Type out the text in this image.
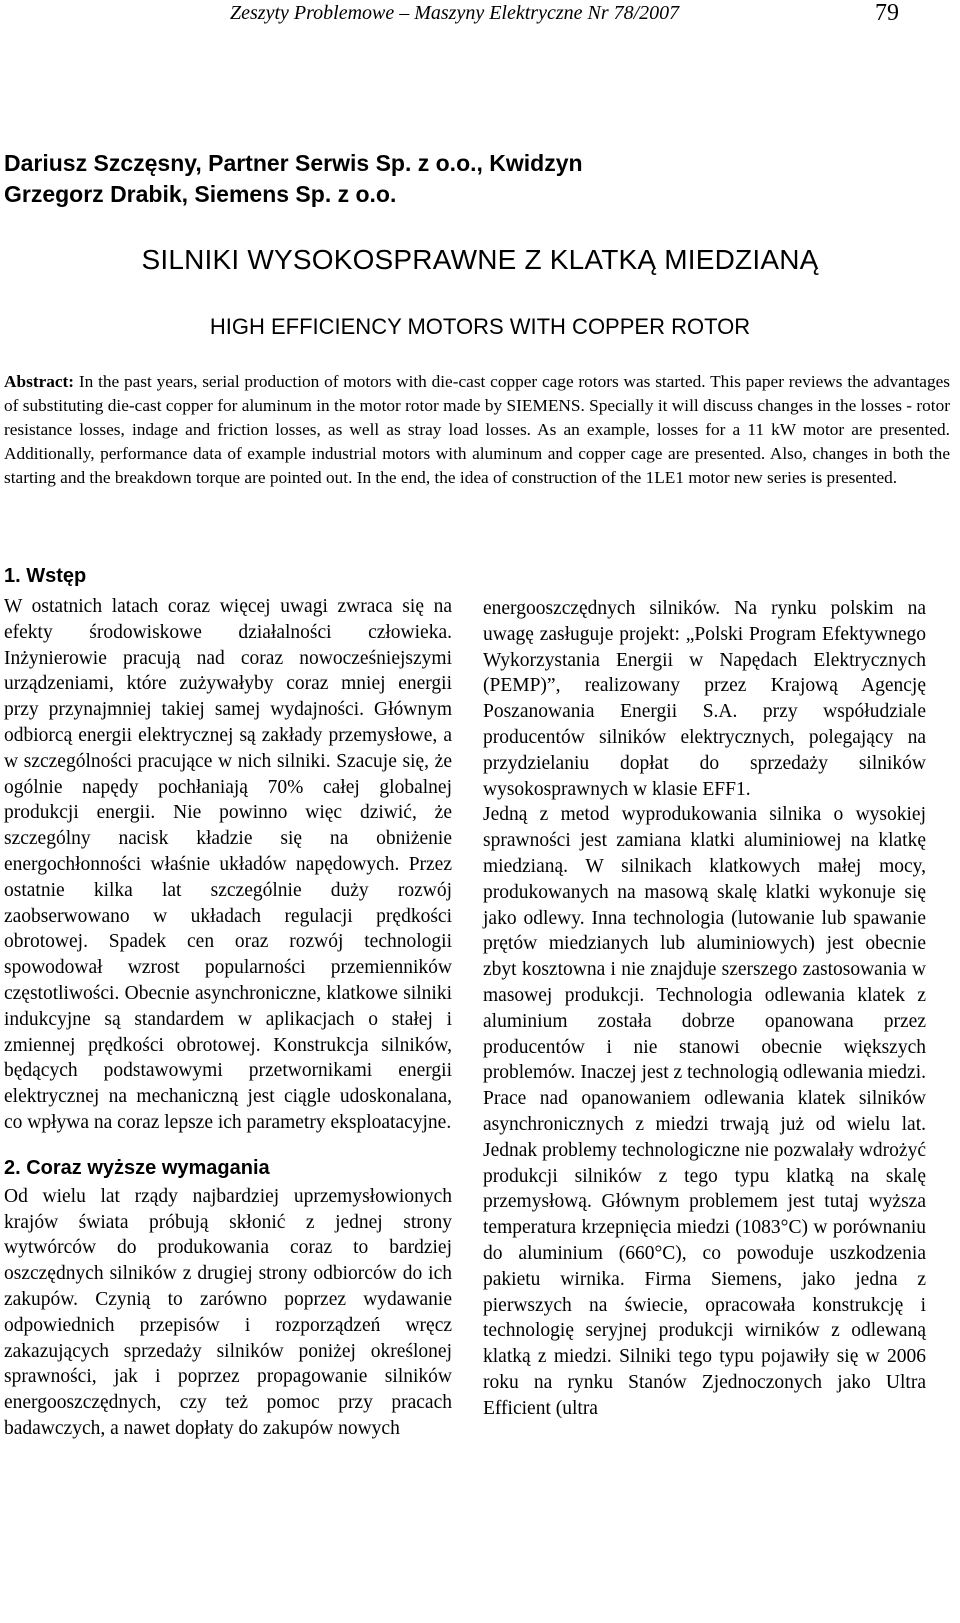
Zeszyty Problemowe – Maszyny Elektryczne Nr 78/2007	79
Dariusz Szczęsny, Partner Serwis Sp. z o.o., Kwidzyn
Grzegorz Drabik, Siemens Sp. z o.o.
SILNIKI WYSOKOSPRAWNE Z KLATKĄ MIEDZIANĄ
HIGH EFFICIENCY MOTORS WITH COPPER ROTOR
Abstract: In the past years, serial production of motors with die-cast copper cage rotors was started. This paper reviews the advantages of substituting die-cast copper for aluminum in the motor rotor made by SIEMENS. Specially it will discuss changes in the losses - rotor resistance losses, indage and friction losses, as well as stray load losses. As an example, losses for a 11 kW motor are presented. Additionally, performance data of example industrial motors with aluminum and copper cage are presented. Also, changes in both the starting and the breakdown torque are pointed out. In the end, the idea of construction of the 1LE1 motor new series is presented.
1. Wstęp

W ostatnich latach coraz więcej uwagi zwraca się na efekty środowiskowe działalności człowieka. Inżynierowie pracują nad coraz nowocześniejszymi urządzeniami, które zużywałyby coraz mniej energii przy przynajmniej takiej samej wydajności. Głównym odbiorcą energii elektrycznej są zakłady przemysłowe, a w szczególności pracujące w nich silniki. Szacuje się, że ogólnie napędy pochłaniają 70% całej globalnej produkcji energii. Nie powinno więc dziwić, że szczególny nacisk kładzie się na obniżenie energochłonności właśnie układów napędowych. Przez ostatnie kilka lat szczególnie duży rozwój zaobserwowano w układach regulacji prędkości obrotowej. Spadek cen oraz rozwój technologii spowodował wzrost popularności przemienników częstotliwości. Obecnie asynchroniczne, klatkowe silniki indukcyjne są standardem w aplikacjach o stałej i zmiennej prędkości obrotowej. Konstrukcja silników, będących podstawowymi przetwornikami energii elektrycznej na mechaniczną jest ciągle udoskonalana, co wpływa na coraz lepsze ich parametry eksploatacyjne.

2. Coraz wyższe wymagania

Od wielu lat rządy najbardziej uprzemysłowionych krajów świata próbują skłonić z jednej strony wytwórców do produkowania coraz to bardziej oszczędnych silników z drugiej strony odbiorców do ich zakupów. Czynią to zarówno poprzez wydawanie odpowiednich przepisów i rozporządzeń wręcz zakazujących sprzedaży silników poniżej określonej sprawności, jak i poprzez propagowanie silników energooszczędnych, czy też pomoc przy pracach badawczych, a nawet dopłaty do zakupów nowych

energooszczędnych silników. Na rynku polskim na uwagę zasługuje projekt: „Polski Program Efektywnego Wykorzystania Energii w Napędach Elektrycznych (PEMP)”, realizowany przez Krajową Agencję Poszanowania Energii S.A. przy współudziale producentów silników elektrycznych, polegający na przydzielaniu dopłat do sprzedaży silników wysokosprawnych w klasie EFF1.

Jedną z metod wyprodukowania silnika o wysokiej sprawności jest zamiana klatki aluminiowej na klatkę miedzianą. W silnikach klatkowych małej mocy, produkowanych na masową skalę klatki wykonuje się jako odlewy. Inna technologia (lutowanie lub spawanie prętów miedzianych lub aluminiowych) jest obecnie zbyt kosztowna i nie znajduje szerszego zastosowania w masowej produkcji. Technologia odlewania klatek z aluminium została dobrze opanowana przez producentów i nie stanowi obecnie większych problemów. Inaczej jest z technologią odlewania miedzi. Prace nad opanowaniem odlewania klatek silników asynchronicznych z miedzi trwają już od wielu lat. Jednak problemy technologiczne nie pozwalały wdrożyć produkcji silników z tego typu klatką na skalę przemysłową. Głównym problemem jest tutaj wyższa temperatura krzepnięcia miedzi (1083°C) w porównaniu do aluminium (660°C), co powoduje uszkodzenia pakietu wirnika. Firma Siemens, jako jedna z pierwszych na świecie, opracowała konstrukcję i technologię seryjnej produkcji wirników z odlewaną klatką z miedzi. Silniki tego typu pojawiły się w 2006 roku na rynku Stanów Zjednoczonych jako Ultra Efficient (ultra
